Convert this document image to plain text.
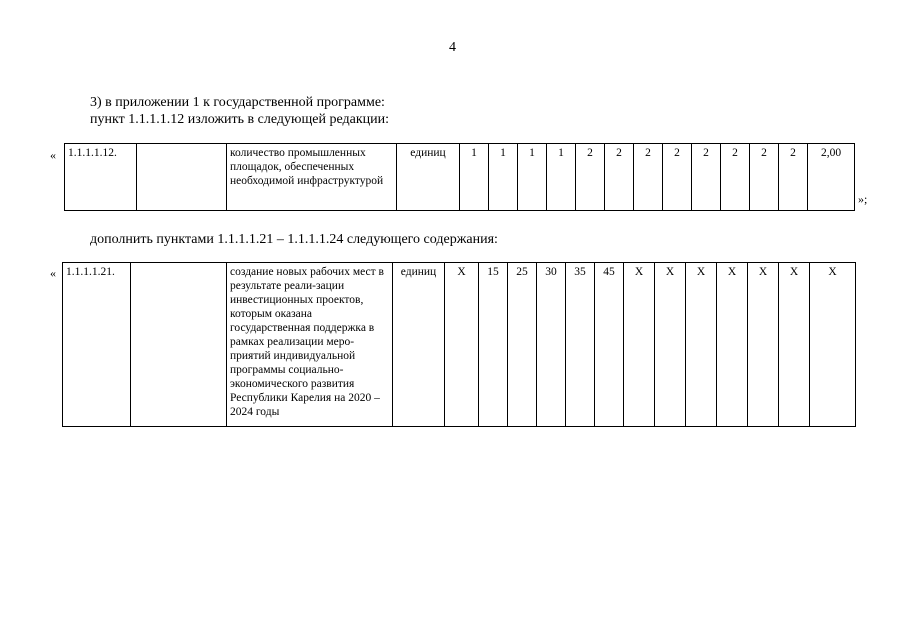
4
3) в приложении 1 к государственной программе:
пункт 1.1.1.1.12 изложить в следующей редакции:
« 1.1.1.1.12.		количество промышленных площадок, обеспеченных необходимой инфраструктурой	единиц	1	1	1	1	2	2	2	2	2	2	2	2	2,00
»;
дополнить пунктами 1.1.1.1.21 – 1.1.1.1.24 следующего содержания:
« 1.1.1.1.21.		создание новых рабочих мест в результате реали-зации инвестиционных проектов, которым оказана государственная поддержка в рамках реализации меро-приятий индивидуальной программы социально-экономического развития Республики Карелия на 2020 – 2024 годы	единиц	X	15	25	30	35	45	X	X	X	X	X	X	X
